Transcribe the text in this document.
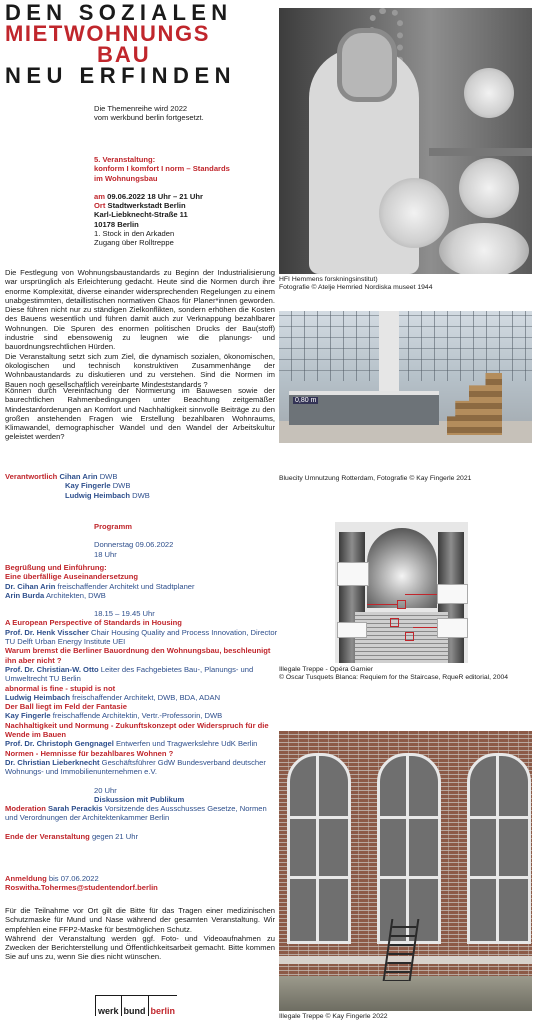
DEN SOZIALEN
MIETWOHNUNGS
BAU
NEU ERFINDEN
Die Themenreihe wird 2022
vom werkbund berlin fortgesetzt.
5. Veranstaltung:
konform I komfort I norm – Standards
im Wohnungsbau
am 09.06.2022 18 Uhr – 21 Uhr
Ort Stadtwerkstadt Berlin
Karl-Liebknecht-Straße 11
10178 Berlin
1. Stock in den Arkaden
Zugang über Rolltreppe
Die Festlegung von Wohnungsbaustandards zu Beginn der Industrialisierung war ursprünglich als Erleichterung gedacht. Heute sind die Normen durch ihre enorme Komplexität, diverse einander widersprechenden Regelungen zu einem unabgestimmten, detaillistischen normativen Chaos für Planer*innen geworden. Diese führen nicht nur zu ständigen Zielkonflikten, sondern erhöhen die Kosten des Bauens wesentlich und führen damit auch zur Verknappung bezahlbarer Wohnungen. Die Spuren des enormen politischen Drucks der Bau(stoff) industrie sind ebensowenig zu leugnen wie die planungs- und bauordnungsrechtlichen Hürden.
Die Veranstaltung setzt sich zum Ziel, die dynamisch sozialen, ökonomischen, ökologischen und technisch konstruktiven Zusammenhänge der Wohnbaustandards zu diskutieren und zu verstehen. Sind die Normen im Bauen noch gesellschaftlich vereinbarte Mindeststandards ?
Können durch Vereinfachung der Normierung im Bauwesen sowie der baurechtlichen Rahmenbedingungen unter Beachtung zeitgemäßer Mindestanforderungen an Komfort und Nachhaltigkeit sinnvolle Beiträge zu den großen anstehenden Fragen wie Erstellung bezahlbaren Wohnraums, Klimawandel, demographischer Wandel und den Wandel der Arbeitskultur geleistet werden?
Verantwortlich Cihan Arin DWB
Kay Fingerle DWB
Ludwig Heimbach DWB
Programm
Donnerstag 09.06.2022
18 Uhr
Begrüßung und Einführung:
Eine überfällige Auseinandersetzung
Dr. Cihan Arin freischaffender Architekt und Stadtplaner
Arin Burda Architekten, DWB
18.15 – 19.45 Uhr
A European Perspective of Standards in Housing
Prof. Dr. Henk Visscher Chair Housing Quality and Process Innovation, Director TU Delft Urban Energy Institute UEI
Warum bremst die Berliner Bauordnung den Wohnungsbau, beschleunigt ihn aber nicht ?
Prof. Dr. Christian-W. Otto Leiter des Fachgebietes Bau-, Planungs- und Umweltrecht TU Berlin
abnormal is fine - stupid is not
Ludwig Heimbach freischaffender Architekt, DWB, BDA, ADAN
Der Ball liegt im Feld der Fantasie
Kay Fingerle freischaffende Architektin, Vertr.-Professorin, DWB
Nachhaltigkeit und Normung - Zukunftskonzept oder Widerspruch für die Wende im Bauen
Prof. Dr. Christoph Gengnagel Entwerfen und Tragwerkslehre UdK Berlin
Normen - Hemnisse für bezahlbares Wohnen ?
Dr. Christian Lieberknecht Geschäftsführer GdW Bundesverband deutscher Wohnungs- und Immobilienunternehmen e.V.
20 Uhr
Diskussion mit Publikum
Moderation Sarah Perackis Vorsitzende des Ausschusses Gesetze, Normen und Verordnungen der Architektenkammer Berlin
Ende der Veranstaltung gegen 21 Uhr
Anmeldung bis 07.06.2022
Roswitha.Tohermes@studentendorf.berlin
Für die Teilnahme vor Ort gilt die Bitte für das Tragen einer medizinischen Schutzmaske für Mund und Nase während der gesamten Veranstaltung. Wir empfehlen eine FFP2-Maske für bestmöglichen Schutz.
Während der Veranstaltung werden ggf. Foto- und Videoaufnahmen zu Zwecken der Berichterstellung und Öffentlichkeitsarbeit gemacht. Bitte kommen Sie auf uns zu, wenn Sie dies nicht wünschen.
werk bund berlin
HFI Hemmens forskningsinstitut)
Fotografie © Atelje Hemried Nordiska museet 1944
0,80 m
Bluecity Umnutzung Rotterdam, Fotografie © Kay Fingerle 2021
Illegale Treppe - Opéra Garnier
© Oscar Tusquets Blanca: Requiem for the Staircase, RqueR editorial, 2004
Illegale Treppe © Kay Fingerle 2022
